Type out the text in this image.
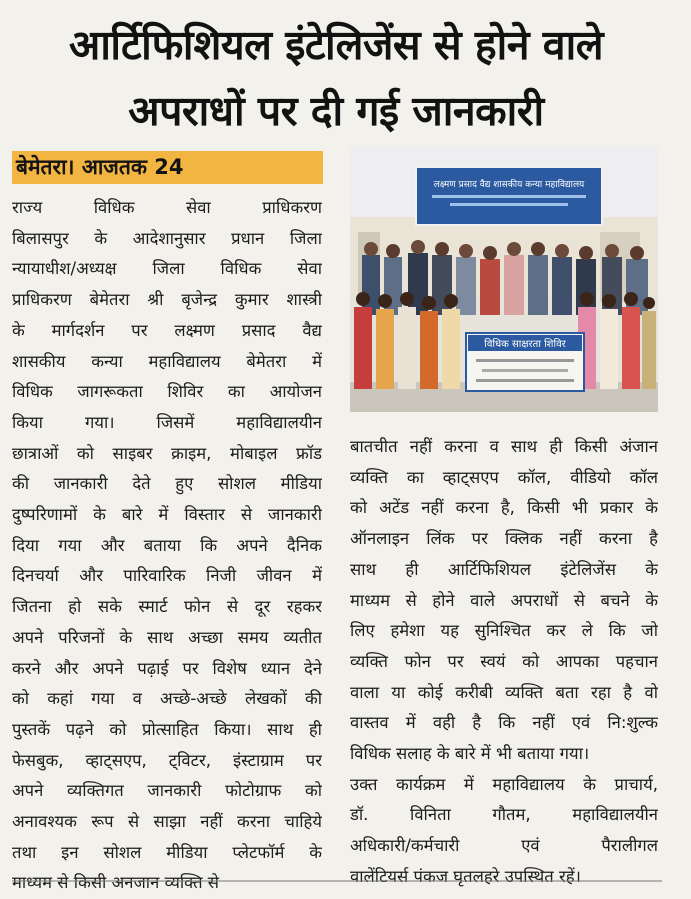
आर्टिफिशियल इंटेलिजेंस से होने वाले
अपराधों पर दी गई जानकारी
बेमेतरा। आजतक 24
राज्य विधिक सेवा प्राधिकरण
बिलासपुर के आदेशानुसार प्रधान जिला
न्यायाधीश/अध्यक्ष जिला विधिक सेवा
प्राधिकरण बेमेतरा श्री बृजेन्द्र कुमार शास्त्री
के मार्गदर्शन पर लक्ष्मण प्रसाद वैद्य
शासकीय कन्या महाविद्यालय बेमेतरा में
विधिक जागरूकता शिविर का आयोजन
किया गया। जिसमें महाविद्यालयीन
छात्राओं को साइबर क्राइम, मोबाइल फ्रॉड
की जानकारी देते हुए सोशल मीडिया
दुष्परिणामों के बारे में विस्तार से जानकारी
दिया गया और बताया कि अपने दैनिक
दिनचर्या और पारिवारिक निजी जीवन में
जितना हो सके स्मार्ट फोन से दूर रहकर
अपने परिजनों के साथ अच्छा समय व्यतीत
करने और अपने पढ़ाई पर विशेष ध्यान देने
को कहां गया व अच्छे-अच्छे लेखकों की
पुस्तकें पढ़ने को प्रोत्साहित किया। साथ ही
फेसबुक, व्हाट्सएप, ट्विटर, इंस्टाग्राम पर
अपने व्यक्तिगत जानकारी फोटोग्राफ को
अनावश्यक रूप से साझा नहीं करना चाहिये
तथा इन सोशल मीडिया प्लेटफॉर्म के
माध्यम से किसी अनजान व्यक्ति से
लक्ष्मण प्रसाद वैद्य शासकीय कन्या महाविद्यालय
विधिक साक्षरता शिविर
बातचीत नहीं करना व साथ ही किसी अंजान
व्यक्ति का व्हाट्सएप कॉल, वीडियो कॉल
को अटेंड नहीं करना है, किसी भी प्रकार के
ऑनलाइन लिंक पर क्लिक नहीं करना है
साथ ही आर्टिफिशियल इंटेलिजेंस के
माध्यम से होने वाले अपराधों से बचने के
लिए हमेशा यह सुनिश्चित कर ले कि जो
व्यक्ति फोन पर स्वयं को आपका पहचान
वाला या कोई करीबी व्यक्ति बता रहा है वो
वास्तव में वही है कि नहीं एवं नि:शुल्क
विधिक सलाह के बारे में भी बताया गया।
उक्त कार्यक्रम में महाविद्यालय के प्राचार्य,
डॉ. विनिता गौतम, महाविद्यालयीन
अधिकारी/कर्मचारी एवं पैरालीगल
वालेंटियर्स पंकज घृतलहरे उपस्थित रहें।
